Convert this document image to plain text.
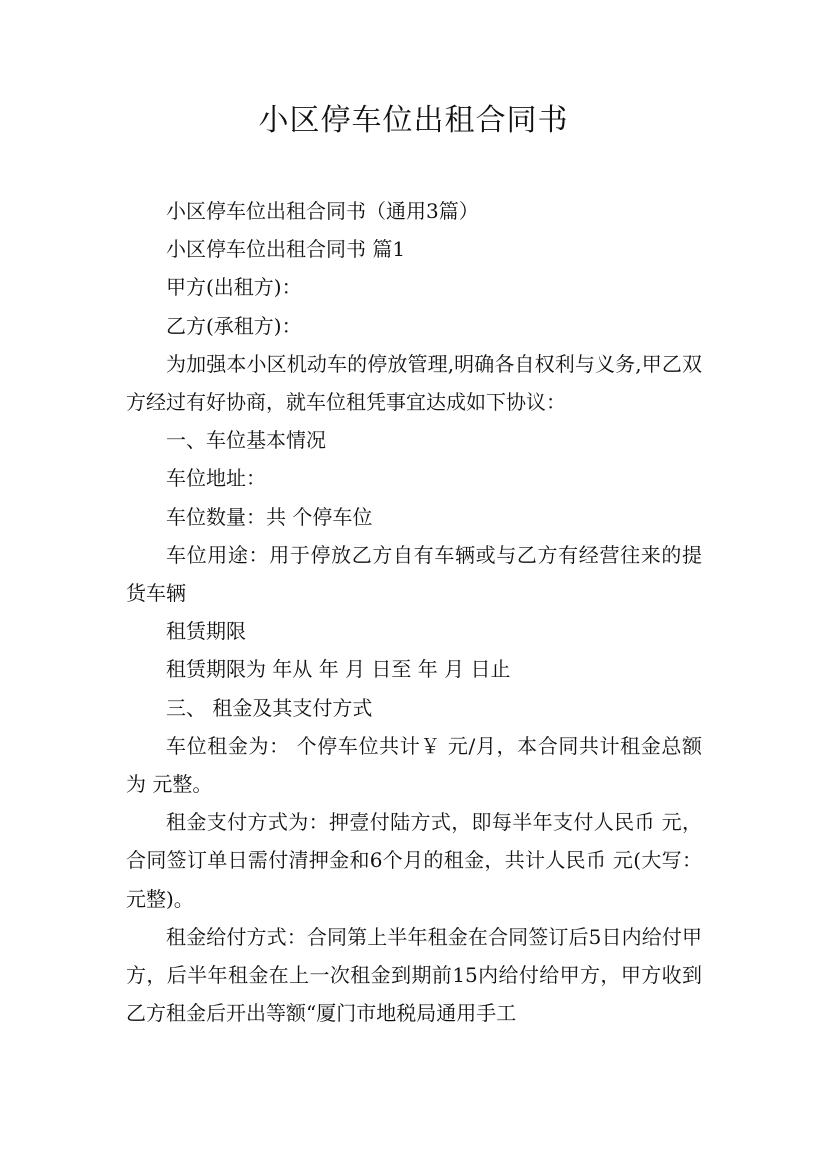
小区停车位出租合同书

小区停车位出租合同书（通用3篇）

小区停车位出租合同书 篇1

甲方(出租方)：

乙方(承租方)：

为加强本小区机动车的停放管理,明确各自权利与义务,甲乙双方经过有好协商，就车位租凭事宜达成如下协议：

一、车位基本情况

车位地址：

车位数量：共 个停车位

车位用途：用于停放乙方自有车辆或与乙方有经营往来的提货车辆

租赁期限

租赁期限为 年从 年 月 日至 年 月 日止

三、 租金及其支付方式

车位租金为： 个停车位共计￥ 元/月，本合同共计租金总额为 元整。

租金支付方式为：押壹付陆方式，即每半年支付人民币 元，合同签订单日需付清押金和6个月的租金，共计人民币 元(大写： 元整)。

租金给付方式：合同第上半年租金在合同签订后5日内给付甲方，后半年租金在上一次租金到期前15内给付给甲方，甲方收到乙方租金后开出等额“厦门市地税局通用手工
